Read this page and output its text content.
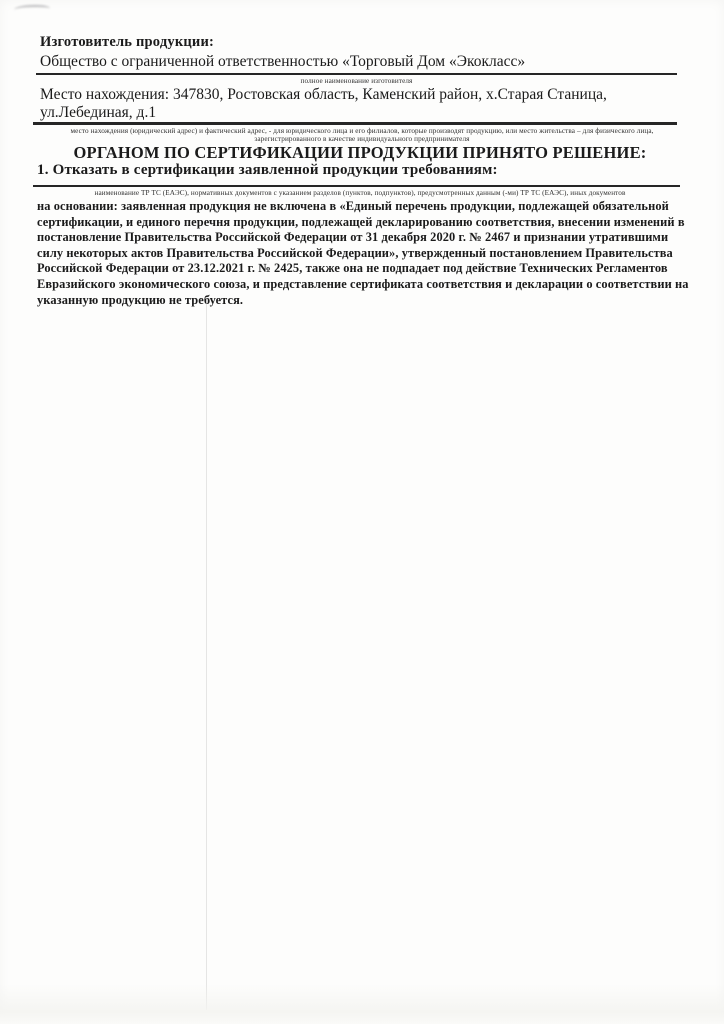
Изготовитель продукции:
Общество с ограниченной ответственностью «Торговый Дом «Экокласс»
полное наименование изготовителя
Место нахождения: 347830, Ростовская область, Каменский район, х.Старая Станица, ул.Лебединая, д.1
место нахождения (юридический адрес) и фактический адрес, - для юридического лица и его филиалов, которые производят продукцию, или место жительства – для физического лица, зарегистрированного в качестве индивидуального предпринимателя
ОРГАНОМ ПО СЕРТИФИКАЦИИ ПРОДУКЦИИ ПРИНЯТО РЕШЕНИЕ:
1. Отказать в сертификации заявленной продукции требованиям:
наименование ТР ТС (ЕАЭС), нормативных документов с указанием разделов (пунктов, подпунктов), предусмотренных данным (-ми) ТР ТС (ЕАЭС), иных документов
на основании: заявленная продукция не включена в «Единый перечень продукции, подлежащей обязательной сертификации, и единого перечня продукции, подлежащей декларированию соответствия, внесении изменений в постановление Правительства Российской Федерации от 31 декабря 2020 г. № 2467 и признании утратившими силу некоторых актов Правительства Российской Федерации», утвержденный постановлением Правительства Российской Федерации от 23.12.2021 г. № 2425, также она не подпадает под действие Технических Регламентов Евразийского экономического союза, и представление сертификата соответствия и декларации о соответствии на указанную продукцию не требуется.
